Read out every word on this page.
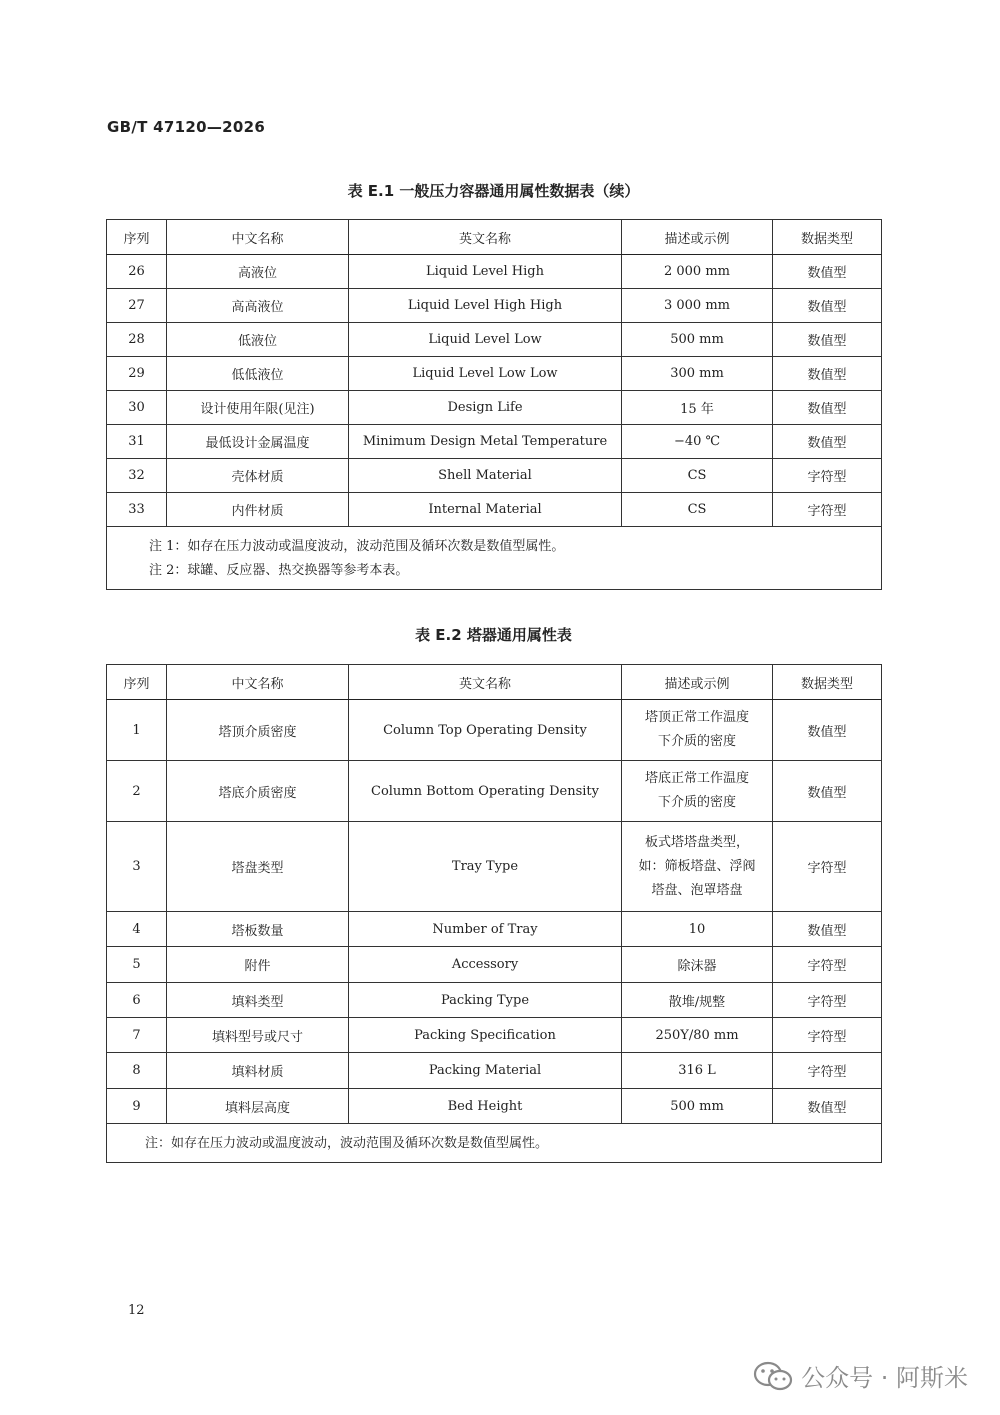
GB/T 47120—2026
表 E.1 一般压力容器通用属性数据表（续）
序列	中文名称	英文名称	描述或示例	数据类型
26	高液位	Liquid Level High	2 000 mm	数值型
27	高高液位	Liquid Level High High	3 000 mm	数值型
28	低液位	Liquid Level Low	500 mm	数值型
29	低低液位	Liquid Level Low Low	300 mm	数值型
30	设计使用年限(见注)	Design Life	15 年	数值型
31	最低设计金属温度	Minimum Design Metal Temperature	−40 ℃	数值型
32	壳体材质	Shell Material	CS	字符型
33	内件材质	Internal Material	CS	字符型

注 1：如存在压力波动或温度波动，波动范围及循环次数是数值型属性。
注 2：球罐、反应器、热交换器等参考本表。				
表 E.2 塔器通用属性表
序列	中文名称	英文名称	描述或示例	数据类型
1	塔顶介质密度	Column Top Operating Density	塔顶正常工作温度
下介质的密度	数值型
2	塔底介质密度	Column Bottom Operating Density	塔底正常工作温度
下介质的密度	数值型
3	塔盘类型	Tray Type	板式塔塔盘类型，
如：筛板塔盘、浮阀
塔盘、泡罩塔盘	字符型
4	塔板数量	Number of Tray	10	数值型
5	附件	Accessory	除沫器	字符型
6	填料类型	Packing Type	散堆/规整	字符型
7	填料型号或尺寸	Packing Specification	250Y/80 mm	字符型
8	填料材质	Packing Material	316 L	字符型
9	填料层高度	Bed Height	500 mm	数值型

注：如存在压力波动或温度波动，波动范围及循环次数是数值型属性。				
12
公众号 · 阿斯米
